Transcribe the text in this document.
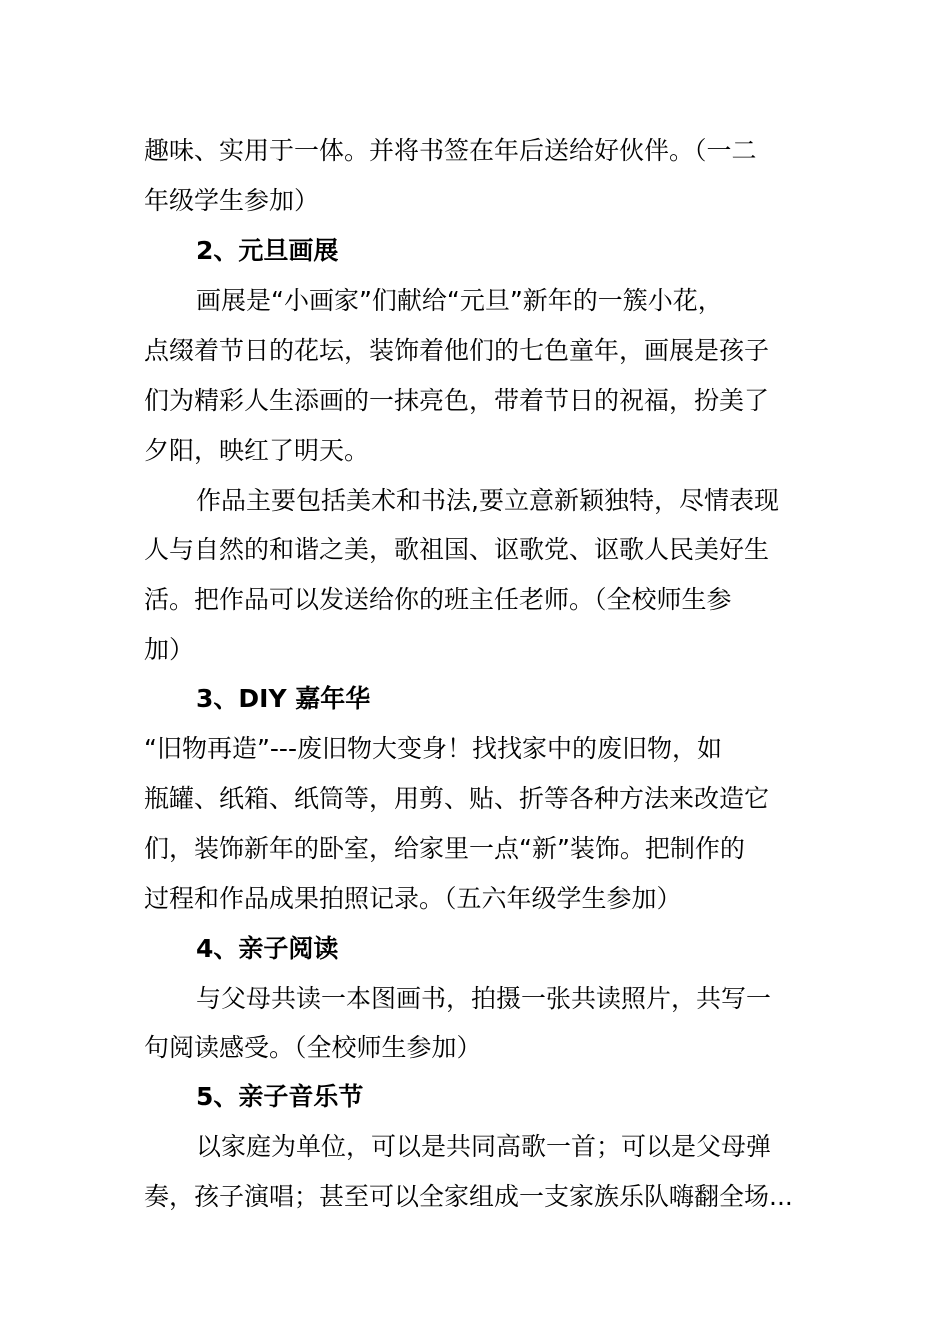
趣味、实用于一体。并将书签在年后送给好伙伴。（一二
年级学生参加）
2、元旦画展
画展是“小画家”们献给“元旦”新年的一簇小花，
点缀着节日的花坛，装饰着他们的七色童年，画展是孩子
们为精彩人生添画的一抹亮色，带着节日的祝福，扮美了
夕阳，映红了明天。
作品主要包括美术和书法,要立意新颖独特，尽情表现
人与自然的和谐之美，歌祖国、讴歌党、讴歌人民美好生
活。把作品可以发送给你的班主任老师。（全校师生参
加）
3、DIY 嘉年华
“旧物再造”---废旧物大变身！找找家中的废旧物，如
瓶罐、纸箱、纸筒等，用剪、贴、折等各种方法来改造它
们，装饰新年的卧室，给家里一点“新”装饰。把制作的
过程和作品成果拍照记录。（五六年级学生参加）
4、亲子阅读
与父母共读一本图画书，拍摄一张共读照片，共写一
句阅读感受。（全校师生参加）
5、亲子音乐节
以家庭为单位，可以是共同高歌一首；可以是父母弹
奏，孩子演唱；甚至可以全家组成一支家族乐队嗨翻全场...
